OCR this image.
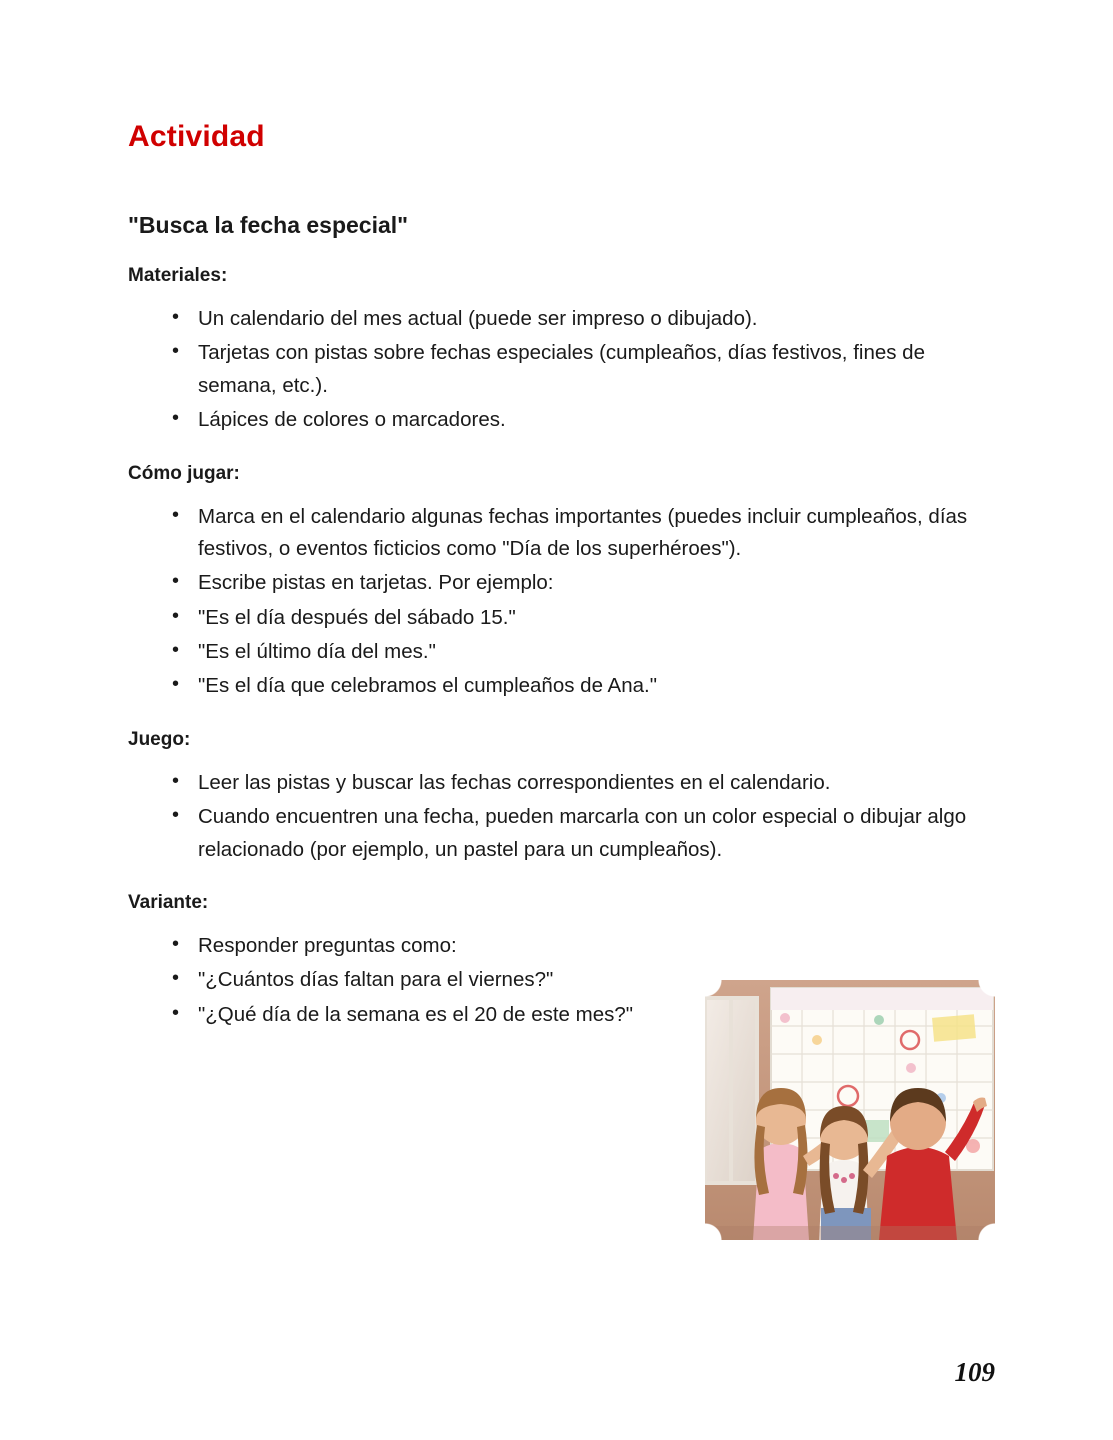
Actividad
"Busca la fecha especial"
Materiales:
• Un calendario del mes actual (puede ser impreso o dibujado).
• Tarjetas con pistas sobre fechas especiales (cumpleaños, días festivos, fines de semana, etc.).
• Lápices de colores o marcadores.
Cómo jugar:
• Marca en el calendario algunas fechas importantes (puedes incluir cumpleaños, días festivos, o eventos ficticios como "Día de los superhéroes").
• Escribe pistas en tarjetas. Por ejemplo:
• "Es el día después del sábado 15."
• "Es el último día del mes."
• "Es el día que celebramos el cumpleaños de Ana."
Juego:
• Leer las pistas y buscar las fechas correspondientes en el calendario.
• Cuando encuentren una fecha, pueden marcarla con un color especial o dibujar algo relacionado (por ejemplo, un pastel para un cumpleaños).
Variante:
• Responder preguntas como:
• "¿Cuántos días faltan para el viernes?"
• "¿Qué día de la semana es el 20 de este mes?"
109
